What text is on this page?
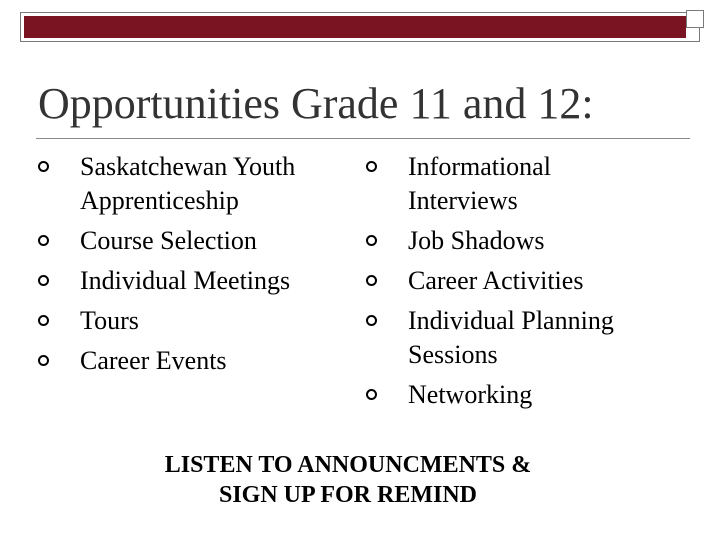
Opportunities Grade 11 and 12:
Saskatchewan Youth Apprenticeship
Course Selection
Individual Meetings
Tours
Career Events
Informational Interviews
Job Shadows
Career Activities
Individual Planning Sessions
Networking
LISTEN TO ANNOUNCMENTS &
SIGN UP FOR REMIND
